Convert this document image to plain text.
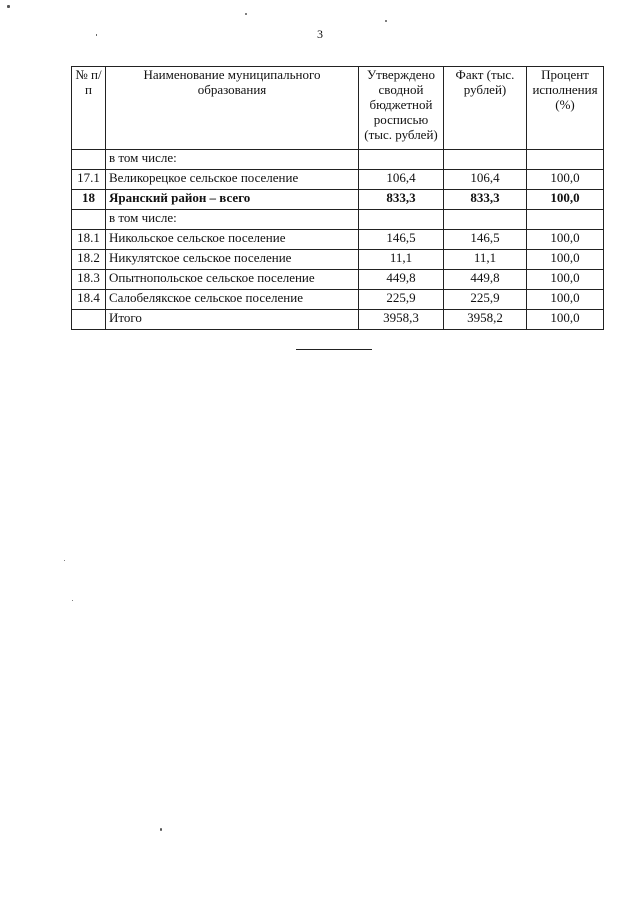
3
№ п/п	Наименование муниципального образования	Утверждено сводной бюджетной росписью (тыс. рублей)	Факт (тыс. рублей)	Процент исполнения (%)
	в том числе:			
17.1	Великорецкое сельское поселение	106,4	106,4	100,0
18	Яранский район – всего	833,3	833,3	100,0
	в том числе:			
18.1	Никольское сельское поселение	146,5	146,5	100,0
18.2	Никулятское сельское поселение	11,1	11,1	100,0
18.3	Опытнопольское сельское поселение	449,8	449,8	100,0
18.4	Салобелякское сельское поселение	225,9	225,9	100,0
	Итого	3958,3	3958,2	100,0
